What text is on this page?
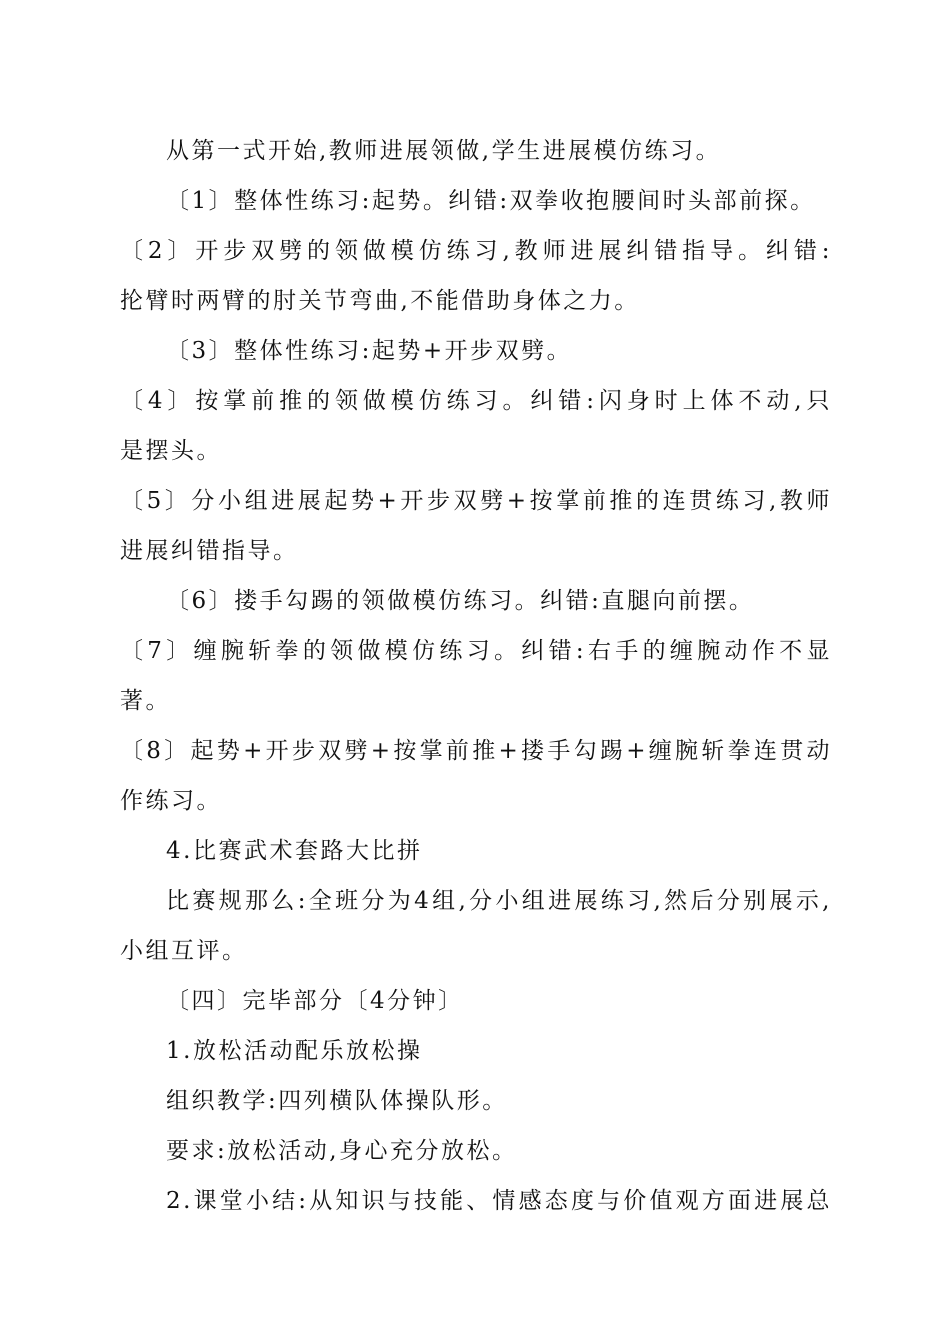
从第一式开始,教师进展领做,学生进展模仿练习。
〔1〕整体性练习:起势。纠错:双拳收抱腰间时头部前探。
〔2〕开步双劈的领做模仿练习,教师进展纠错指导。纠错:
抡臂时两臂的肘关节弯曲,不能借助身体之力。
〔3〕整体性练习:起势+开步双劈。
〔4〕按掌前推的领做模仿练习。纠错:闪身时上体不动,只
是摆头。
〔5〕分小组进展起势+开步双劈+按掌前推的连贯练习,教师
进展纠错指导。
〔6〕搂手勾踢的领做模仿练习。纠错:直腿向前摆。
〔7〕缠腕斩拳的领做模仿练习。纠错:右手的缠腕动作不显
著。
〔8〕起势+开步双劈+按掌前推+搂手勾踢+缠腕斩拳连贯动
作练习。
4.比赛武术套路大比拼
比赛规那么:全班分为4组,分小组进展练习,然后分别展示,
小组互评。
〔四〕完毕部分〔4分钟〕
1.放松活动配乐放松操
组织教学:四列横队体操队形。
要求:放松活动,身心充分放松。
2.课堂小结:从知识与技能、情感态度与价值观方面进展总
